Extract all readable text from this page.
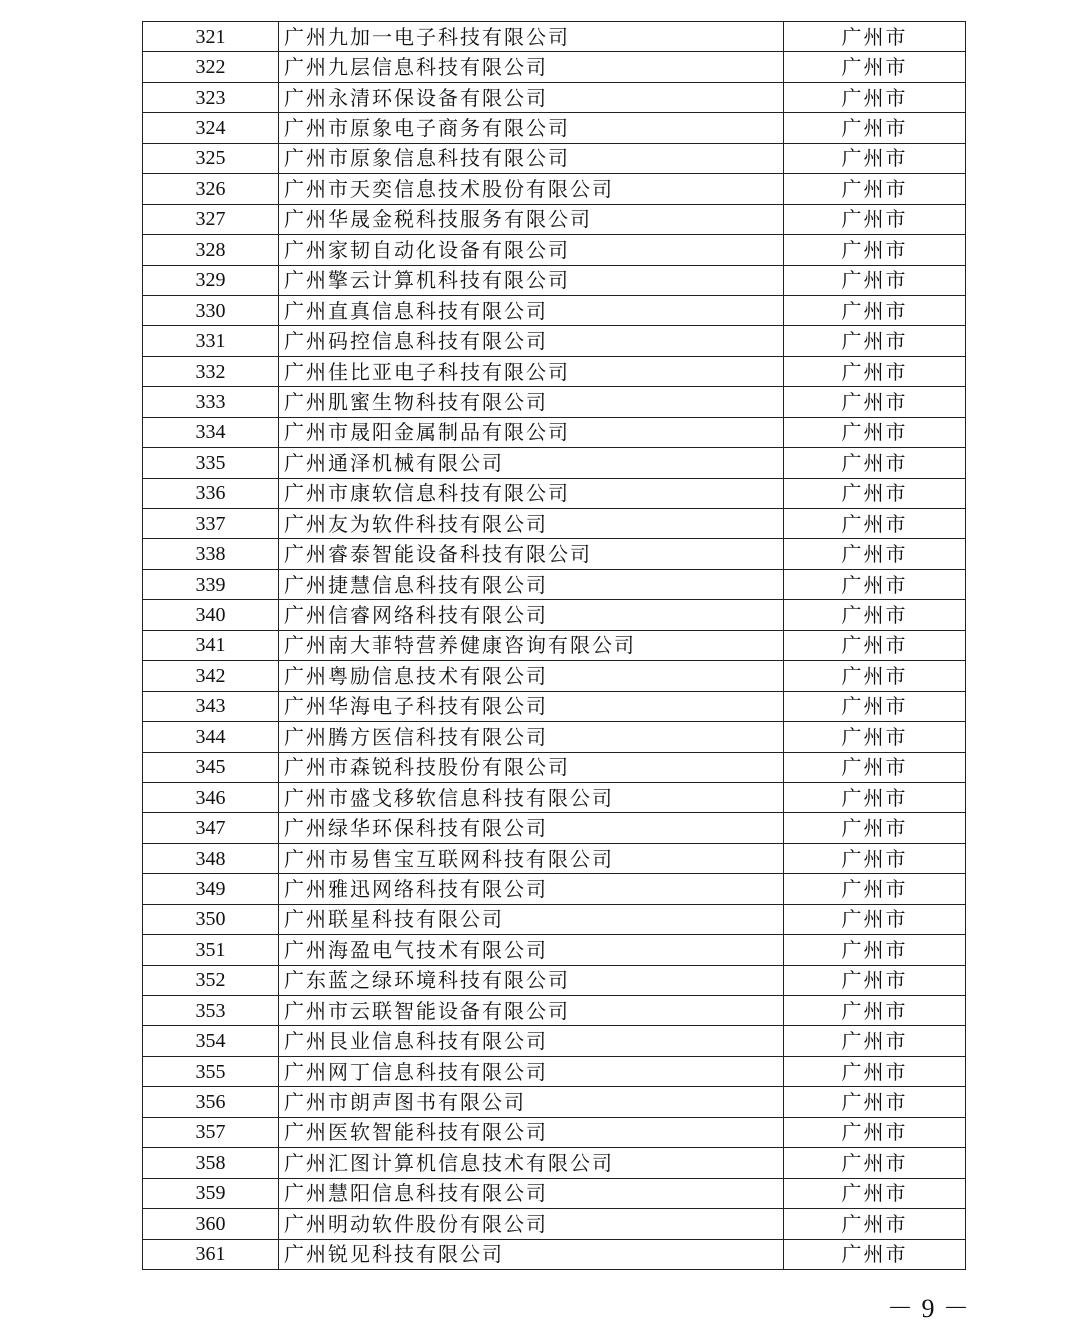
321	广州九加一电子科技有限公司	广州市
322	广州九层信息科技有限公司	广州市
323	广州永清环保设备有限公司	广州市
324	广州市原象电子商务有限公司	广州市
325	广州市原象信息科技有限公司	广州市
326	广州市天奕信息技术股份有限公司	广州市
327	广州华晟金税科技服务有限公司	广州市
328	广州家韧自动化设备有限公司	广州市
329	广州擎云计算机科技有限公司	广州市
330	广州直真信息科技有限公司	广州市
331	广州码控信息科技有限公司	广州市
332	广州佳比亚电子科技有限公司	广州市
333	广州肌蜜生物科技有限公司	广州市
334	广州市晟阳金属制品有限公司	广州市
335	广州通泽机械有限公司	广州市
336	广州市康软信息科技有限公司	广州市
337	广州友为软件科技有限公司	广州市
338	广州睿泰智能设备科技有限公司	广州市
339	广州捷慧信息科技有限公司	广州市
340	广州信睿网络科技有限公司	广州市
341	广州南大菲特营养健康咨询有限公司	广州市
342	广州粤励信息技术有限公司	广州市
343	广州华海电子科技有限公司	广州市
344	广州腾方医信科技有限公司	广州市
345	广州市森锐科技股份有限公司	广州市
346	广州市盛戈移软信息科技有限公司	广州市
347	广州绿华环保科技有限公司	广州市
348	广州市易售宝互联网科技有限公司	广州市
349	广州雅迅网络科技有限公司	广州市
350	广州联星科技有限公司	广州市
351	广州海盈电气技术有限公司	广州市
352	广东蓝之绿环境科技有限公司	广州市
353	广州市云联智能设备有限公司	广州市
354	广州艮业信息科技有限公司	广州市
355	广州网丁信息科技有限公司	广州市
356	广州市朗声图书有限公司	广州市
357	广州医软智能科技有限公司	广州市
358	广州汇图计算机信息技术有限公司	广州市
359	广州慧阳信息科技有限公司	广州市
360	广州明动软件股份有限公司	广州市
361	广州锐见科技有限公司	广州市
－ 9 －
